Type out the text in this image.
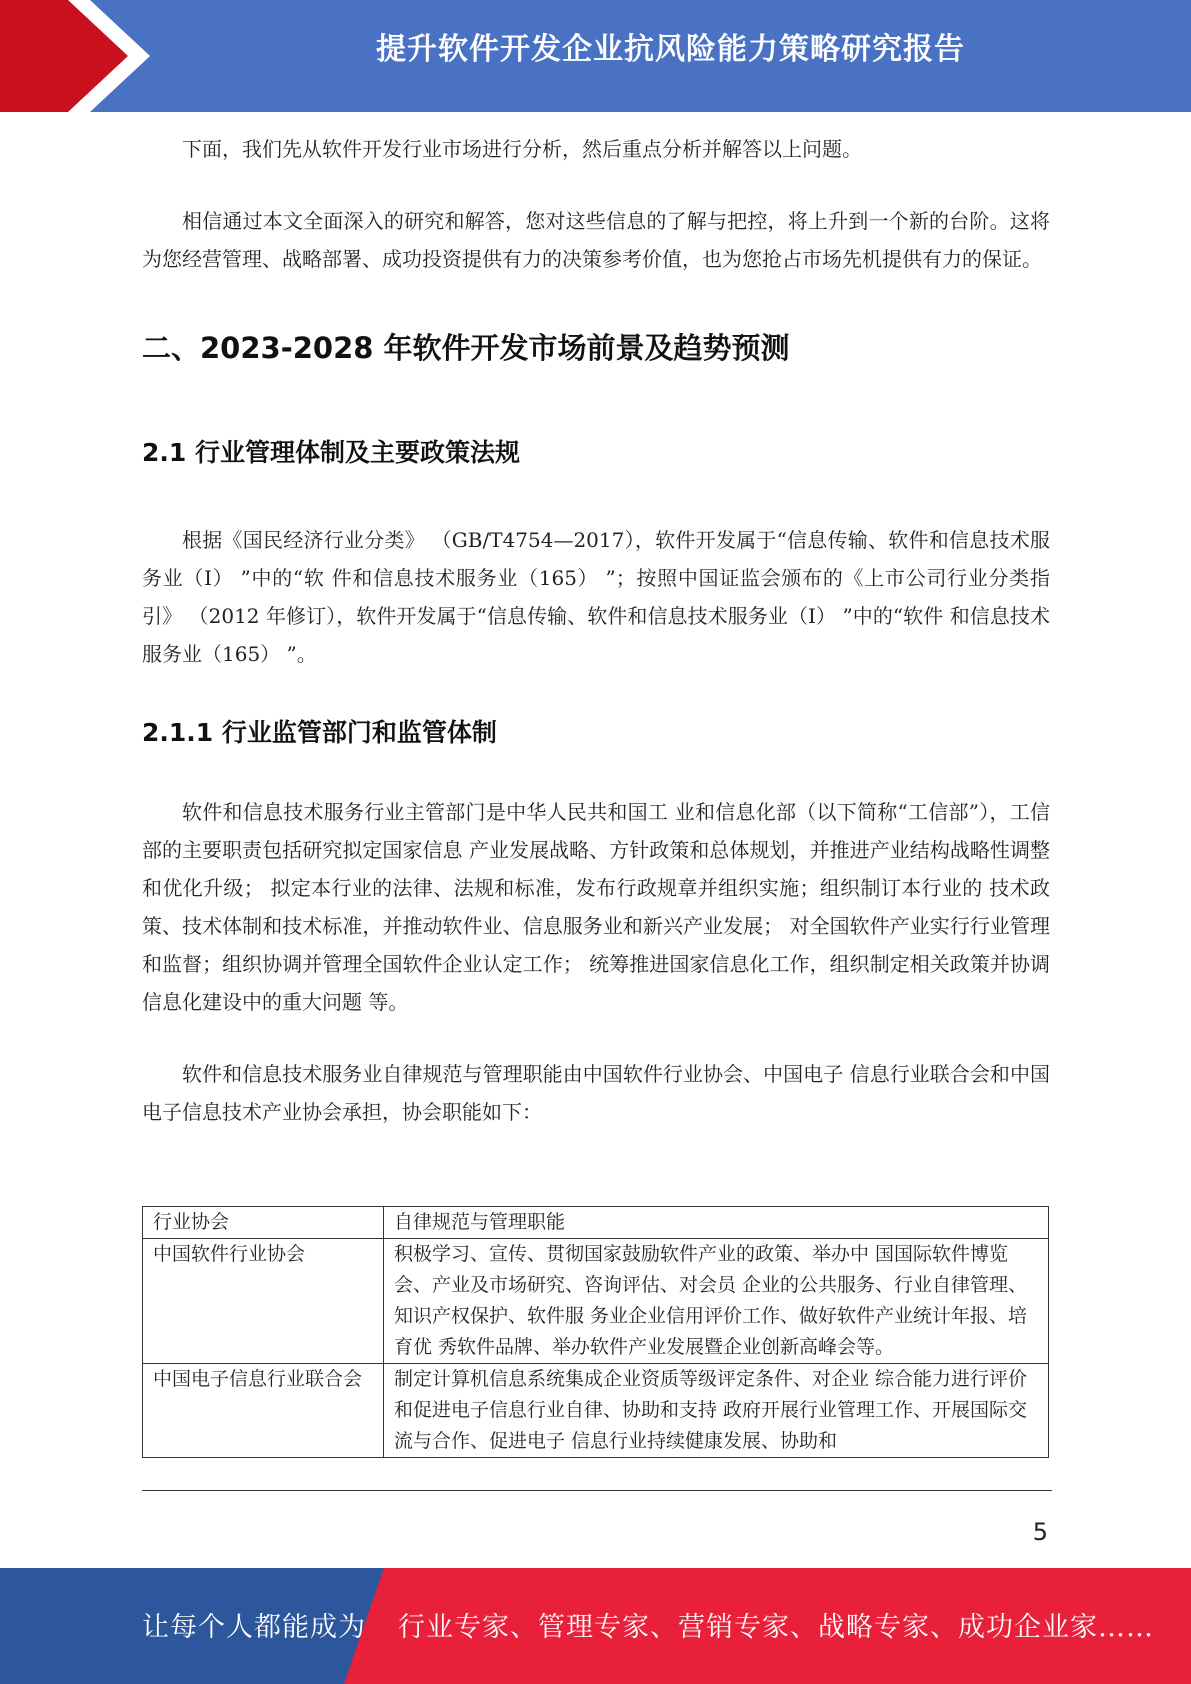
提升软件开发企业抗风险能力策略研究报告

下面，我们先从软件开发行业市场进行分析，然后重点分析并解答以上问题。

相信通过本文全面深入的研究和解答，您对这些信息的了解与把控，将上升到一个新的台阶。这将为您经营管理、战略部署、成功投资提供有力的决策参考价值，也为您抢占市场先机提供有力的保证。

二、2023-2028 年软件开发市场前景及趋势预测
2.1 行业管理体制及主要政策法规

根据《国民经济行业分类》 （GB/T4754—2017），软件开发属于“信息传输、软件和信息技术服务业（I） ”中的“软 件和信息技术服务业（165） ”；按照中国证监会颁布的《上市公司行业分类指引》 （2012 年修订），软件开发属于“信息传输、软件和信息技术服务业（I） ”中的“软件 和信息技术服务业（165） ”。

2.1.1 行业监管部门和监管体制

软件和信息技术服务行业主管部门是中华人民共和国工 业和信息化部（以下简称“工信部”），工信部的主要职责包括研究拟定国家信息 产业发展战略、方针政策和总体规划，并推进产业结构战略性调整和优化升级； 拟定本行业的法律、法规和标准，发布行政规章并组织实施；组织制订本行业的 技术政策、技术体制和技术标准，并推动软件业、信息服务业和新兴产业发展； 对全国软件产业实行行业管理和监督；组织协调并管理全国软件企业认定工作； 统筹推进国家信息化工作，组织制定相关政策并协调信息化建设中的重大问题 等。

软件和信息技术服务业自律规范与管理职能由中国软件行业协会、中国电子 信息行业联合会和中国电子信息技术产业协会承担，协会职能如下：

行业协会	自律规范与管理职能
中国软件行业协会	积极学习、宣传、贯彻国家鼓励软件产业的政策、举办中 国国际软件博览会、产业及市场研究、咨询评估、对会员 企业的公共服务、行业自律管理、知识产权保护、软件服 务业企业信用评价工作、做好软件产业统计年报、培育优 秀软件品牌、举办软件产业发展暨企业创新高峰会等。
中国电子信息行业联合会	制定计算机信息系统集成企业资质等级评定条件、对企业 综合能力进行评价和促进电子信息行业自律、协助和支持 政府开展行业管理工作、开展国际交流与合作、促进电子 信息行业持续健康发展、协助和
5
让每个人都能成为 行业专家、管理专家、营销专家、战略专家、成功企业家……
